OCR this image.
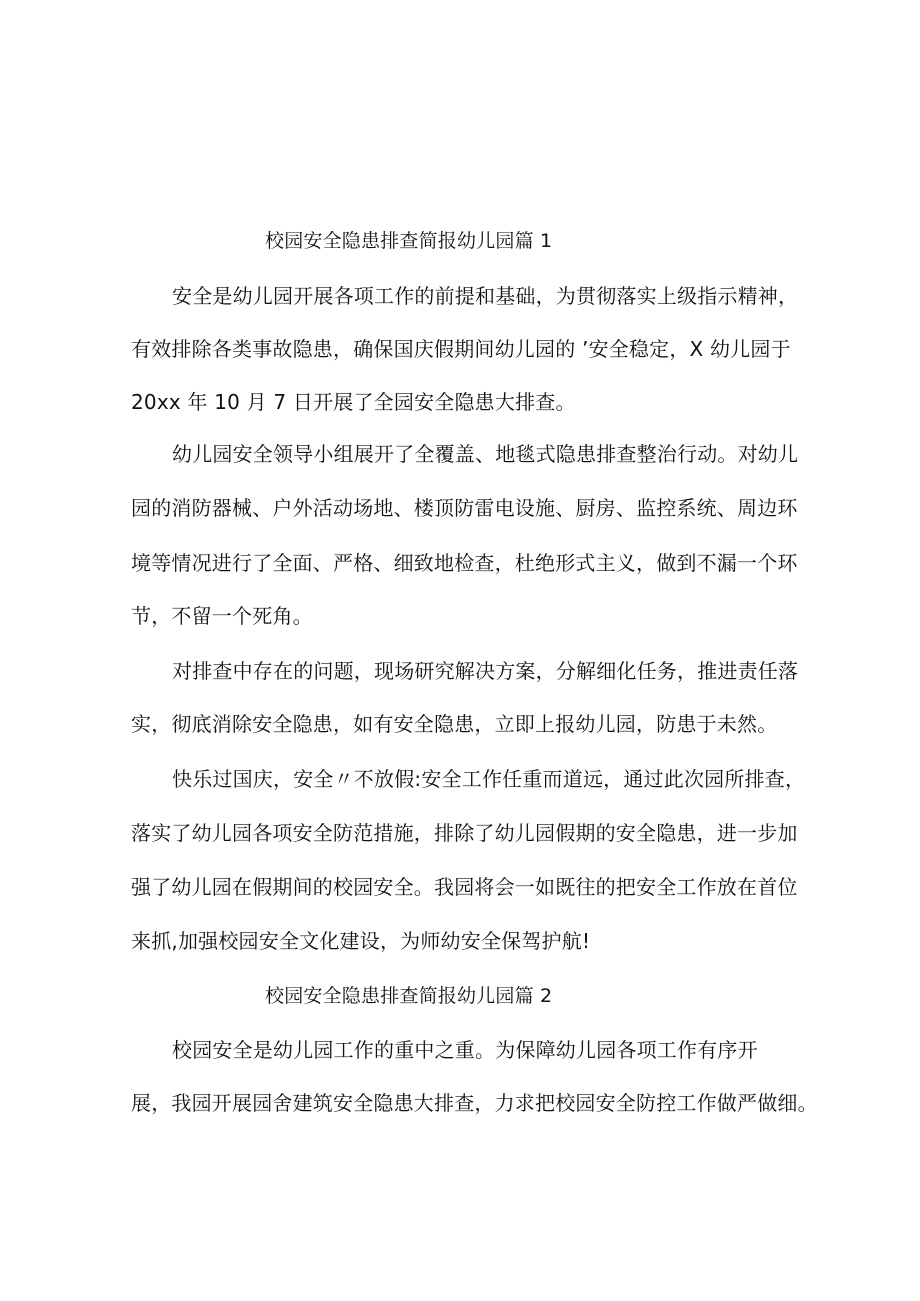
校园安全隐患排查简报幼儿园篇 1
安全是幼儿园开展各项工作的前提和基础，为贯彻落实上级指示精神，
有效排除各类事故隐患，确保国庆假期间幼儿园的 ’安全稳定，X 幼儿园于
20xx 年 10 月 7 日开展了全园安全隐患大排查。
幼儿园安全领导小组展开了全覆盖、地毯式隐患排查整治行动。对幼儿
园的消防器械、户外活动场地、楼顶防雷电设施、厨房、监控系统、周边环
境等情况进行了全面、严格、细致地检查，杜绝形式主义，做到不漏一个环
节，不留一个死角。
对排查中存在的问题，现场研究解决方案，分解细化任务，推进责任落
实，彻底消除安全隐患，如有安全隐患，立即上报幼儿园，防患于未然。
快乐过国庆，安全〃不放假:安全工作任重而道远，通过此次园所排查，
落实了幼儿园各项安全防范措施，排除了幼儿园假期的安全隐患，进一步加
强了幼儿园在假期间的校园安全。我园将会一如既往的把安全工作放在首位
来抓,加强校园安全文化建设，为师幼安全保驾护航!
校园安全隐患排查简报幼儿园篇 2
校园安全是幼儿园工作的重中之重。为保障幼儿园各项工作有序开
展，我园开展园舍建筑安全隐患大排查，力求把校园安全防控工作做严做细。
